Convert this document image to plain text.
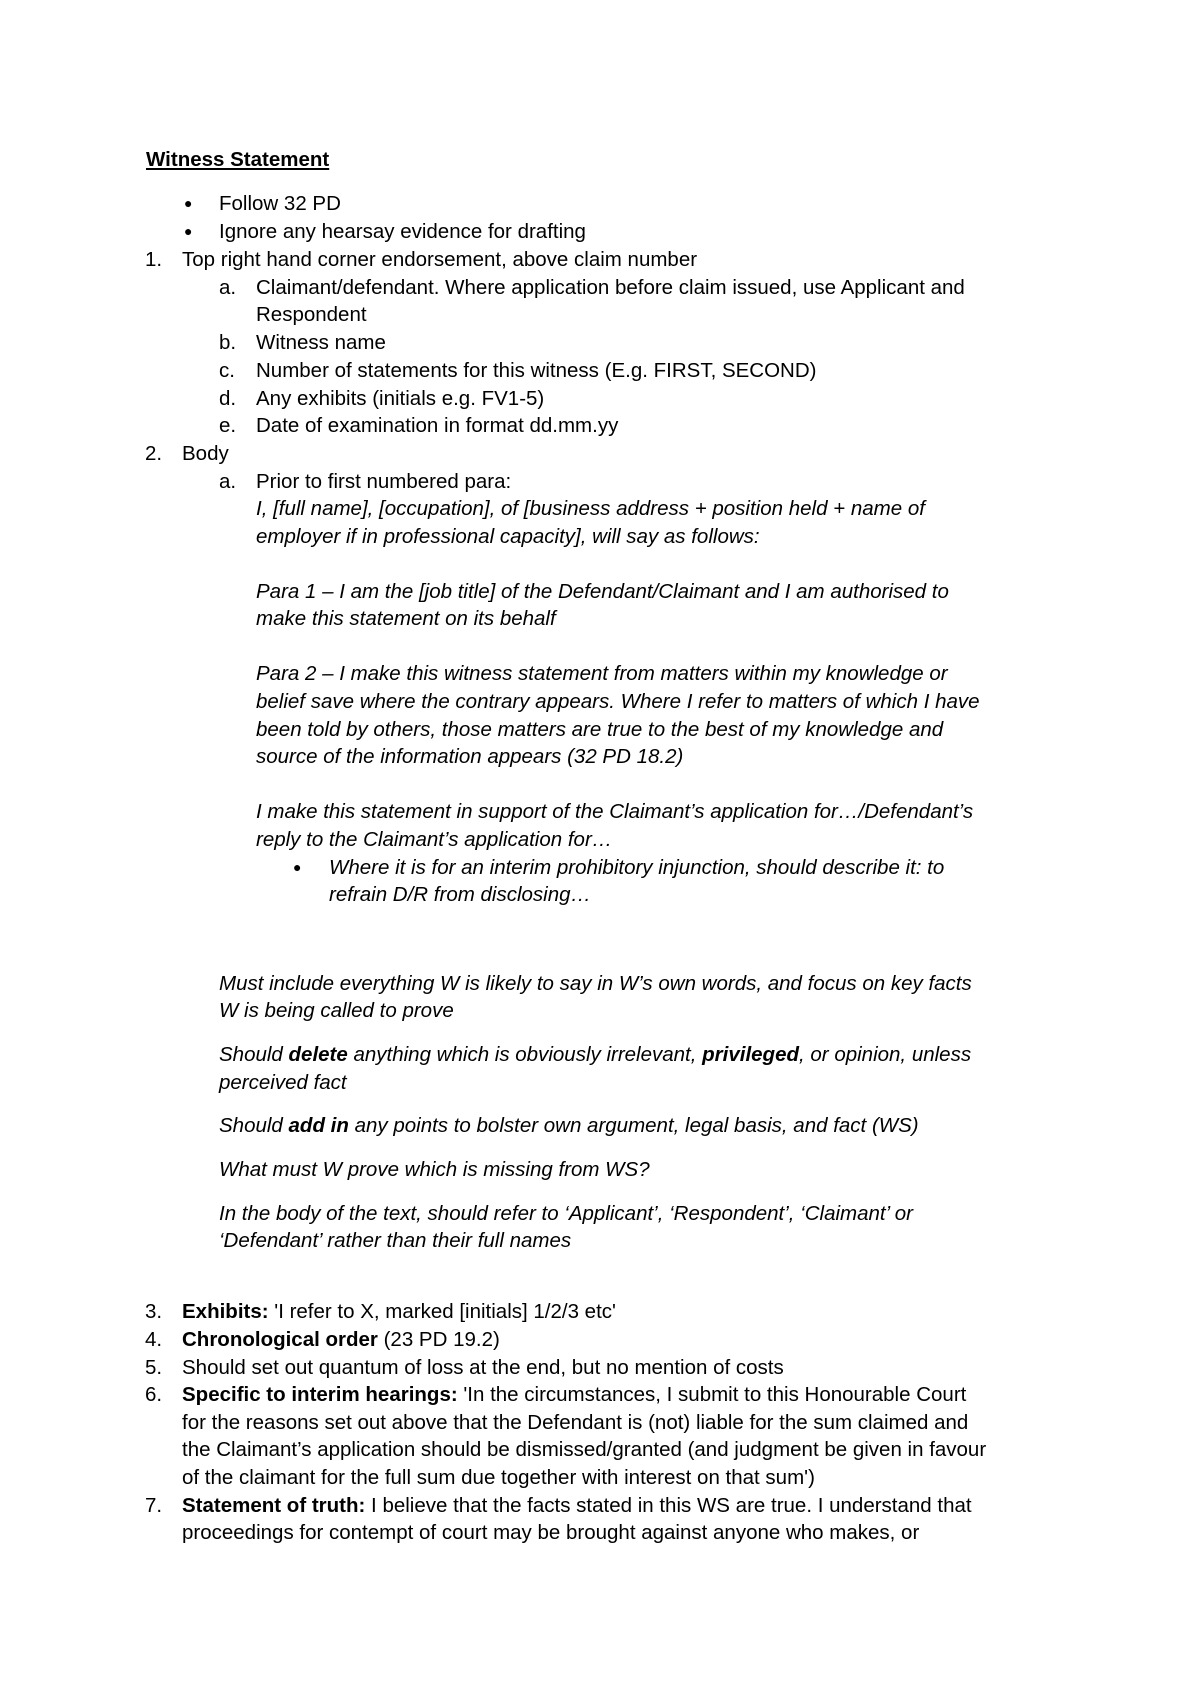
Witness Statement
● Follow 32 PD
● Ignore any hearsay evidence for drafting
1. Top right hand corner endorsement, above claim number
a. Claimant/defendant. Where application before claim issued, use Applicant and
Respondent
b. Witness name
c. Number of statements for this witness (E.g. FIRST, SECOND)
d. Any exhibits (initials e.g. FV1-5)
e. Date of examination in format dd.mm.yy
2. Body
a. Prior to first numbered para:
I, [full name], [occupation], of [business address + position held + name of
employer if in professional capacity], will say as follows:
Para 1 – I am the [job title] of the Defendant/Claimant and I am authorised to
make this statement on its behalf
Para 2 – I make this witness statement from matters within my knowledge or
belief save where the contrary appears. Where I refer to matters of which I have
been told by others, those matters are true to the best of my knowledge and
source of the information appears (32 PD 18.2)
I make this statement in support of the Claimant’s application for…/Defendant’s
reply to the Claimant’s application for…
● Where it is for an interim prohibitory injunction, should describe it: to
refrain D/R from disclosing…
Must include everything W is likely to say in W’s own words, and focus on key facts
W is being called to prove
Should delete anything which is obviously irrelevant, privileged, or opinion, unless
perceived fact
Should add in any points to bolster own argument, legal basis, and fact (WS)
What must W prove which is missing from WS?
In the body of the text, should refer to ‘Applicant’, ‘Respondent’, ‘Claimant’ or
‘Defendant’ rather than their full names
3. Exhibits: 'I refer to X, marked [initials] 1/2/3 etc'
4. Chronological order (23 PD 19.2)
5. Should set out quantum of loss at the end, but no mention of costs
6. Specific to interim hearings: 'In the circumstances, I submit to this Honourable Court
for the reasons set out above that the Defendant is (not) liable for the sum claimed and
the Claimant’s application should be dismissed/granted (and judgment be given in favour
of the claimant for the full sum due together with interest on that sum')
7. Statement of truth: I believe that the facts stated in this WS are true. I understand that
proceedings for contempt of court may be brought against anyone who makes, or
